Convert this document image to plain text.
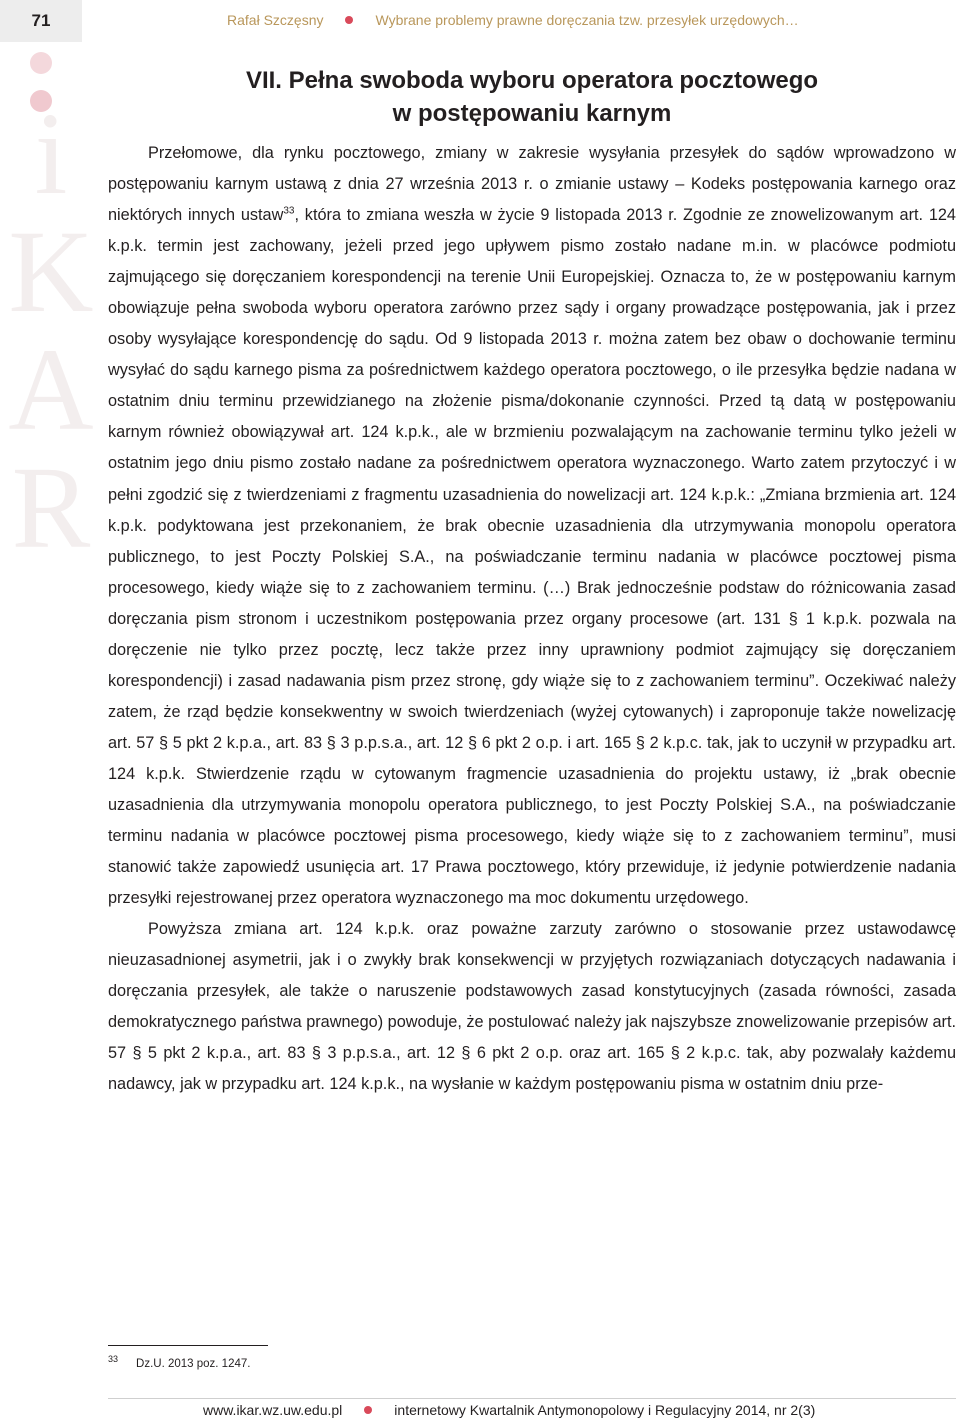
71	Rafał Szczęsny	Wybrane problemy prawne doręczania tzw. przesyłek urzędowych…
i
K
A
R
VII. Pełna swoboda wyboru operatora pocztowego
w postępowaniu karnym

Przełomowe, dla rynku pocztowego, zmiany w zakresie wysyłania przesyłek do sądów wprowadzono w postępowaniu karnym ustawą z dnia 27 września 2013 r. o zmianie ustawy – Kodeks postępowania karnego oraz niektórych innych ustaw$^{33}$, która to zmiana weszła w życie 9 listopada 2013 r. Zgodnie ze znowelizowanym art. 124 k.p.k. termin jest zachowany, jeżeli przed jego upływem pismo zostało nadane m.in. w placówce podmiotu zajmującego się doręczaniem korespondencji na terenie Unii Europejskiej. Oznacza to, że w postępowaniu karnym obowiązuje pełna swoboda wyboru operatora zarówno przez sądy i organy prowadzące postępowania, jak i przez osoby wysyłające korespondencję do sądu. Od 9 listopada 2013 r. można zatem bez obaw o dochowanie terminu wysyłać do sądu karnego pisma za pośrednictwem każdego operatora pocztowego, o ile przesyłka będzie nadana w ostatnim dniu terminu przewidzianego na złożenie pisma/dokonanie czynności. Przed tą datą w postępowaniu karnym również obowiązywał art. 124 k.p.k., ale w brzmieniu pozwalającym na zachowanie terminu tylko jeżeli w ostatnim jego dniu pismo zostało nadane za pośrednictwem operatora wyznaczonego. Warto zatem przytoczyć i w pełni zgodzić się z twierdzeniami z fragmentu uzasadnienia do nowelizacji art. 124 k.p.k.: „Zmiana brzmienia art. 124 k.p.k. podyktowana jest przekonaniem, że brak obecnie uzasadnienia dla utrzymywania monopolu operatora publicznego, to jest Poczty Polskiej S.A., na poświadczanie terminu nadania w placówce pocztowej pisma procesowego, kiedy wiąże się to z zachowaniem terminu. (…) Brak jednocześnie podstaw do różnicowania zasad doręczania pism stronom i uczestnikom postępowania przez organy procesowe (art. 131 § 1 k.p.k. pozwala na doręczenie nie tylko przez pocztę, lecz także przez inny uprawniony podmiot zajmujący się doręczaniem korespondencji) i zasad nadawania pism przez stronę, gdy wiąże się to z zachowaniem terminu”. Oczekiwać należy zatem, że rząd będzie konsekwentny w swoich twierdzeniach (wyżej cytowanych) i zaproponuje także nowelizację art. 57 § 5 pkt 2 k.p.a., art. 83 § 3 p.p.s.a., art. 12 § 6 pkt 2 o.p. i art. 165 § 2 k.p.c. tak, jak to uczynił w przypadku art. 124 k.p.k. Stwierdzenie rządu w cytowanym fragmencie uzasadnienia do projektu ustawy, iż „brak obecnie uzasadnienia dla utrzymywania monopolu operatora publicznego, to jest Poczty Polskiej S.A., na poświadczanie terminu nadania w placówce pocztowej pisma procesowego, kiedy wiąże się to z zachowaniem terminu”, musi stanowić także zapowiedź usunięcia art. 17 Prawa pocztowego, który przewiduje, iż jedynie potwierdzenie nadania przesyłki rejestrowanej przez operatora wyznaczonego ma moc dokumentu urzędowego.

Powyższa zmiana art. 124 k.p.k. oraz poważne zarzuty zarówno o stosowanie przez ustawodawcę nieuzasadnionej asymetrii, jak i o zwykły brak konsekwencji w przyjętych rozwiązaniach dotyczących nadawania i doręczania przesyłek, ale także o naruszenie podstawowych zasad konstytucyjnych (zasada równości, zasada demokratycznego państwa prawnego) powoduje, że postulować należy jak najszybsze znowelizowanie przepisów art. 57 § 5 pkt 2 k.p.a., art. 83 § 3 p.p.s.a., art. 12 § 6 pkt 2 o.p. oraz art. 165 § 2 k.p.c. tak, aby pozwalały każdemu nadawcy, jak w przypadku art. 124 k.p.k., na wysłanie w każdym postępowaniu pisma w ostatnim dniu prze-

$^{33}$ Dz.U. 2013 poz. 1247.
www.ikar.wz.uw.edu.pl	internetowy Kwartalnik Antymonopolowy i Regulacyjny 2014, nr 2(3)
